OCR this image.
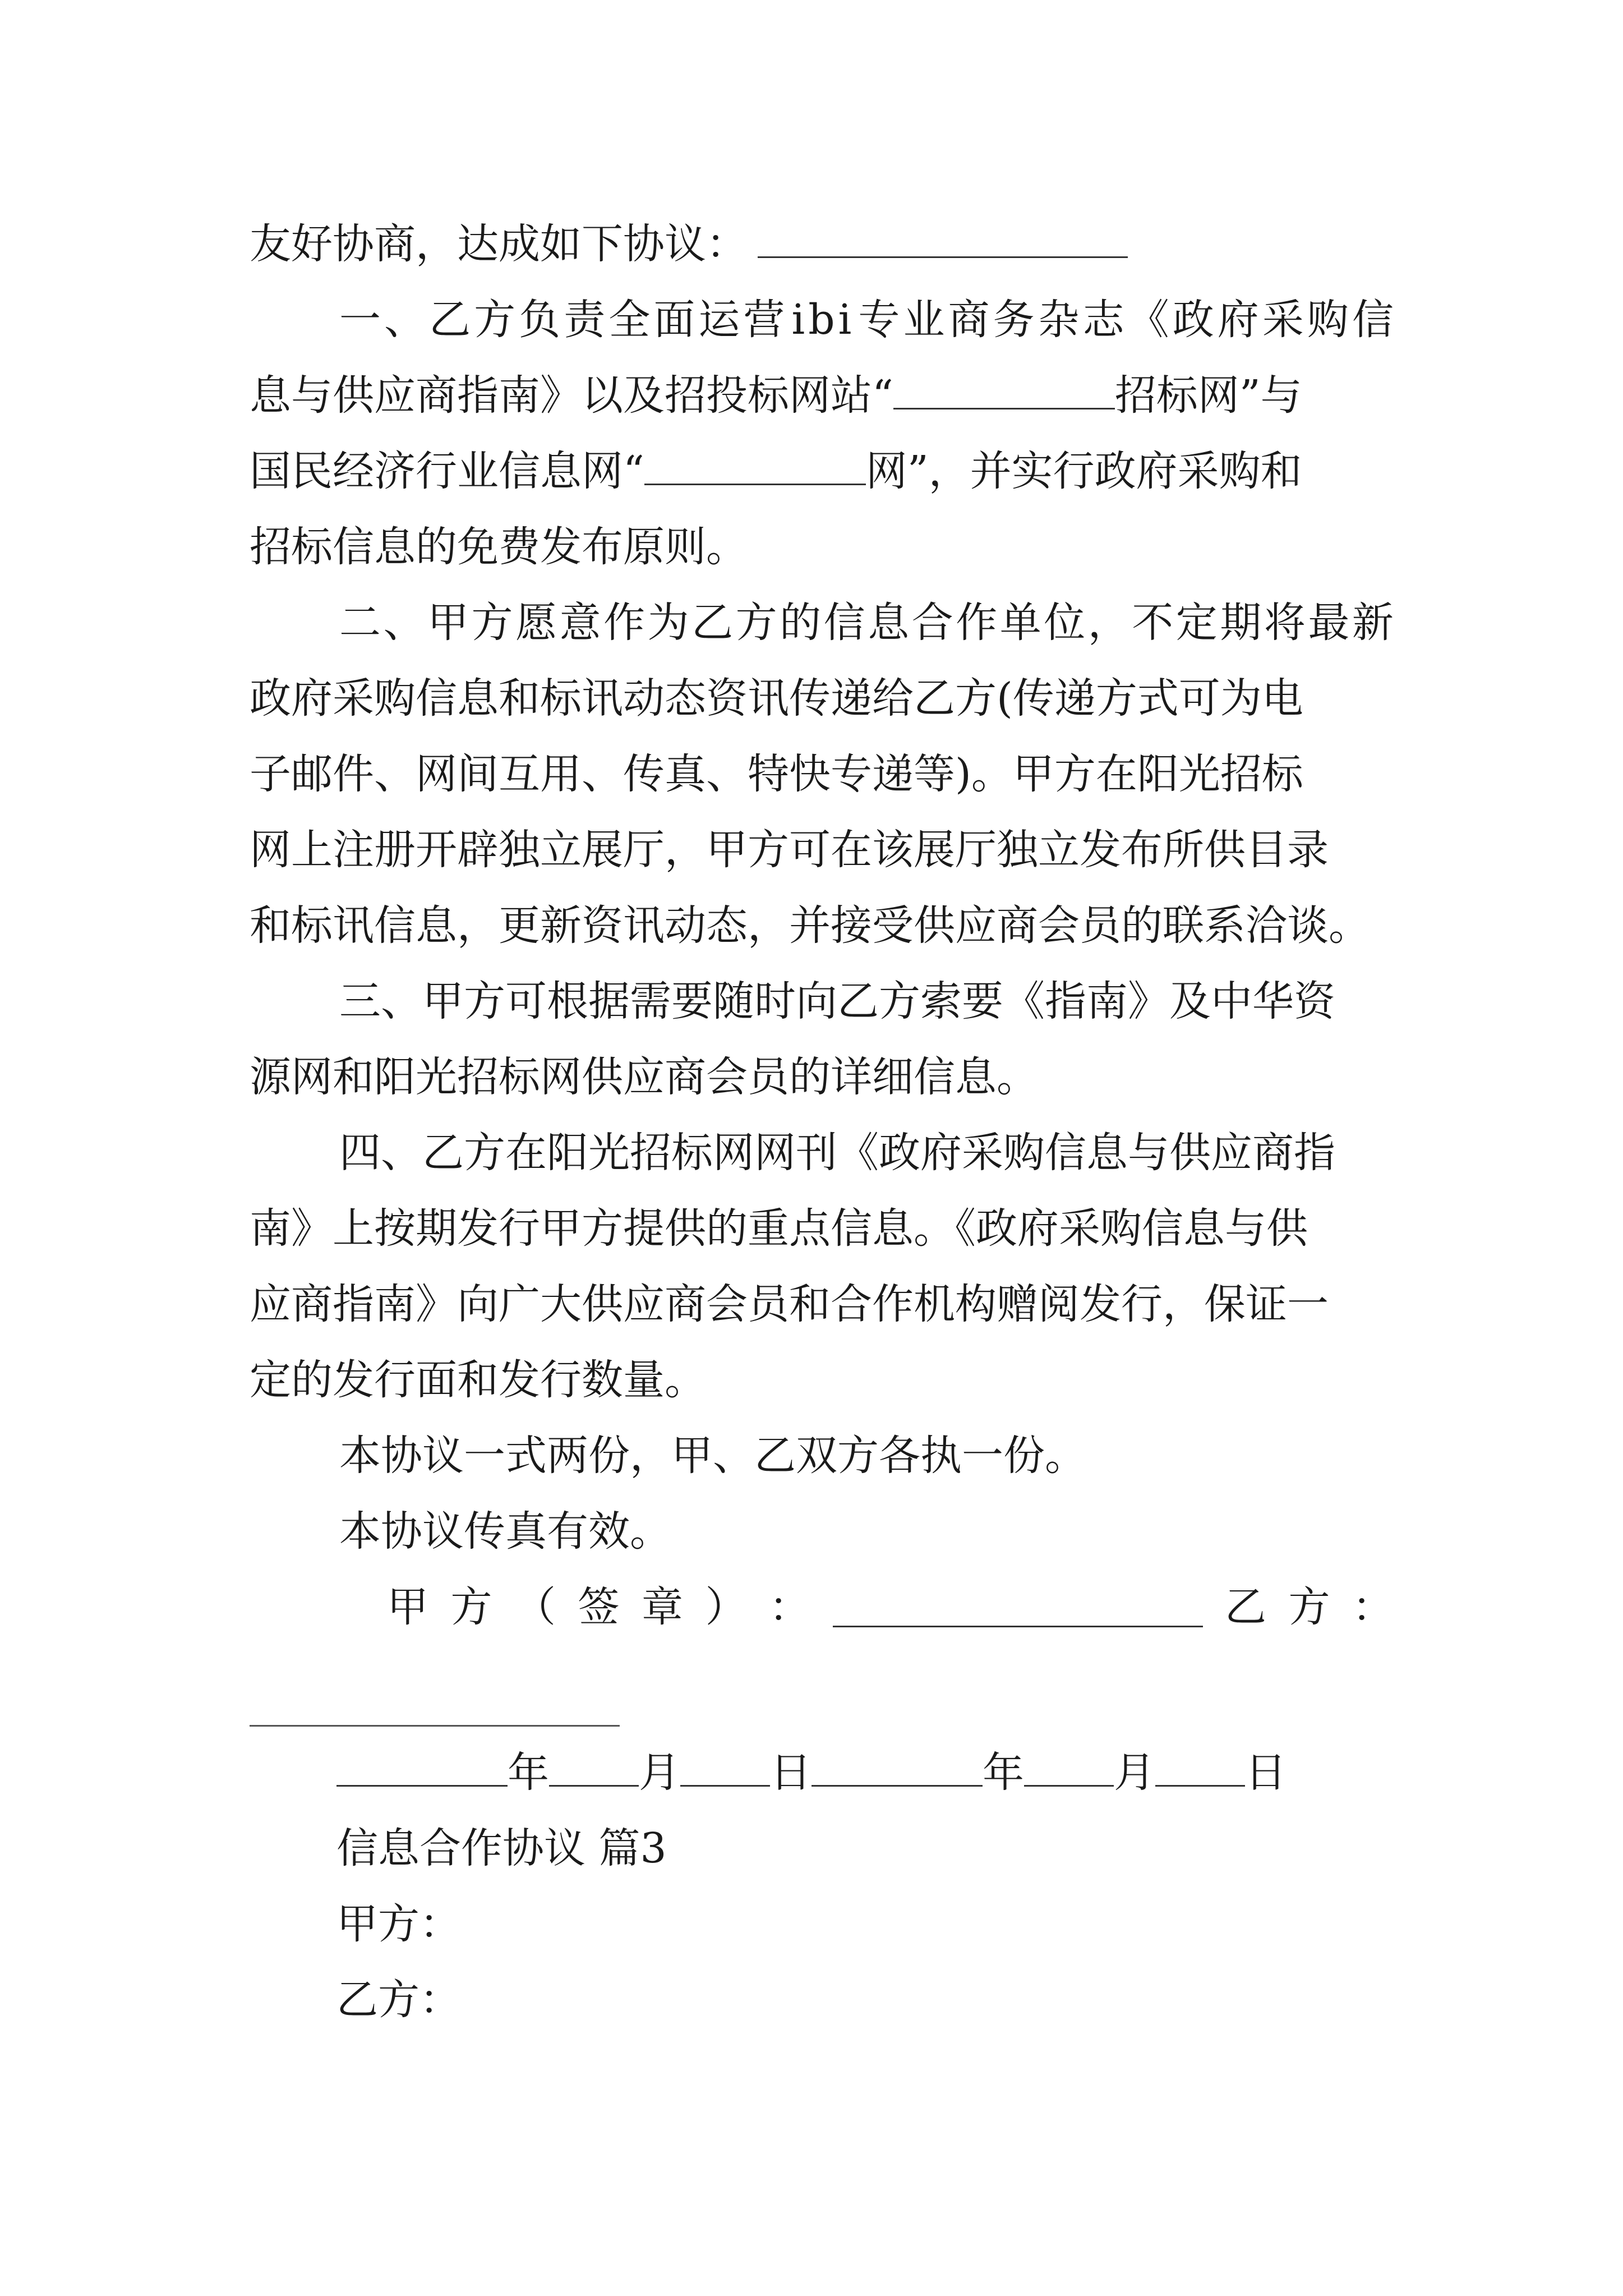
友好协商，达成如下协议：
一 、 乙 方 负 责 全 面 运 营 i b i 专 业 商 务 杂 志 《 政 府 采 购 信
息与供应商指南》以及招投标网站“	招标网”与
国民经济行业信息网“	网”，并实行政府采购和
招标信息的免费发布原则。
二 、 甲 方 愿 意 作 为 乙 方 的 信 息 合 作 单 位 ， 不 定 期 将 最 新
政府采购信息和标讯动态资讯传递给乙方(传递方式可为电
子邮件、网间互用、传真、特快专递等)。甲方在阳光招标
网上注册开辟独立展厅，甲方可在该展厅独立发布所供目录
和标讯信息，更新资讯动态，并接受供应商会员的联系洽谈。
三、甲方可根据需要随时向乙方索要《指南》及中华资
源网和阳光招标网供应商会员的详细信息。
四、乙方在阳光招标网网刊《政府采购信息与供应商指
南》上按期发行甲方提供的重点信息。《政府采购信息与供
应商指南》向广大供应商会员和合作机构赠阅发行，保证一
定的发行面和发行数量。
本协议一式两份，甲、乙双方各执一份。
本协议传真有效。
甲 方 （ 签 章 ） ：	乙 方 ：
年 月 日	年 月 日
信息合作协议 篇3
甲方：
乙方：
